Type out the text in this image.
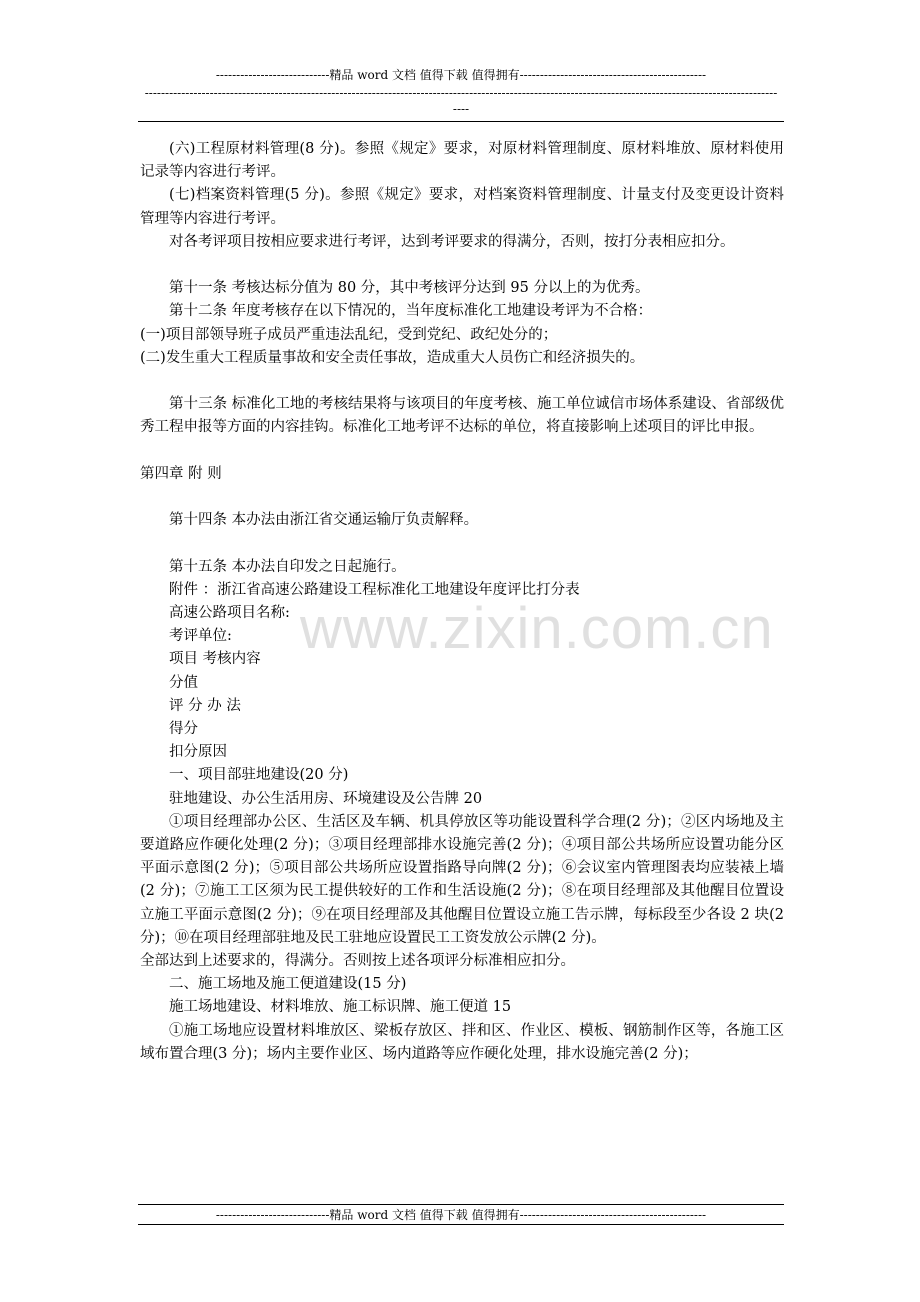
----------------------------精品 word 文档 值得下载 值得拥有----------------------------------------------
------------------------------------------------------------------------------------------------------------------------------------------------------------
----
www.zixin.com.cn

(六)工程原材料管理(8 分)。参照《规定》要求，对原材料管理制度、原材料堆放、原材料使用记录等内容进行考评。

(七)档案资料管理(5 分)。参照《规定》要求，对档案资料管理制度、计量支付及变更设计资料管理等内容进行考评。

对各考评项目按相应要求进行考评，达到考评要求的得满分，否则，按打分表相应扣分。

第十一条 考核达标分值为 80 分，其中考核评分达到 95 分以上的为优秀。

第十二条 年度考核存在以下情况的，当年度标准化工地建设考评为不合格：

(一)项目部领导班子成员严重违法乱纪，受到党纪、政纪处分的；

(二)发生重大工程质量事故和安全责任事故，造成重大人员伤亡和经济损失的。

第十三条 标准化工地的考核结果将与该项目的年度考核、施工单位诚信市场体系建设、省部级优秀工程申报等方面的内容挂钩。标准化工地考评不达标的单位，将直接影响上述项目的评比申报。

第四章 附 则

第十四条 本办法由浙江省交通运输厅负责解释。

第十五条 本办法自印发之日起施行。

附件 ：浙江省高速公路建设工程标准化工地建设年度评比打分表

高速公路项目名称:

考评单位:

项目 考核内容

分值

评 分 办 法

得分

扣分原因

一、项目部驻地建设(20 分)

驻地建设、办公生活用房、环境建设及公告牌 20

①项目经理部办公区、生活区及车辆、机具停放区等功能设置科学合理(2 分)；②区内场地及主要道路应作硬化处理(2 分)；③项目经理部排水设施完善(2 分)；④项目部公共场所应设置功能分区平面示意图(2 分)；⑤项目部公共场所应设置指路导向牌(2 分)；⑥会议室内管理图表均应装裱上墙(2 分)；⑦施工工区须为民工提供较好的工作和生活设施(2 分)；⑧在项目经理部及其他醒目位置设立施工平面示意图(2 分)；⑨在项目经理部及其他醒目位置设立施工告示牌，每标段至少各设 2 块(2 分)；⑩在项目经理部驻地及民工驻地应设置民工工资发放公示牌(2 分)。

全部达到上述要求的，得满分。否则按上述各项评分标准相应扣分。

二、施工场地及施工便道建设(15 分)

施工场地建设、材料堆放、施工标识牌、施工便道 15

①施工场地应设置材料堆放区、梁板存放区、拌和区、作业区、模板、钢筋制作区等，各施工区域布置合理(3 分)；场内主要作业区、场内道路等应作硬化处理，排水设施完善(2 分)；

----------------------------精品 word 文档 值得下载 值得拥有----------------------------------------------
